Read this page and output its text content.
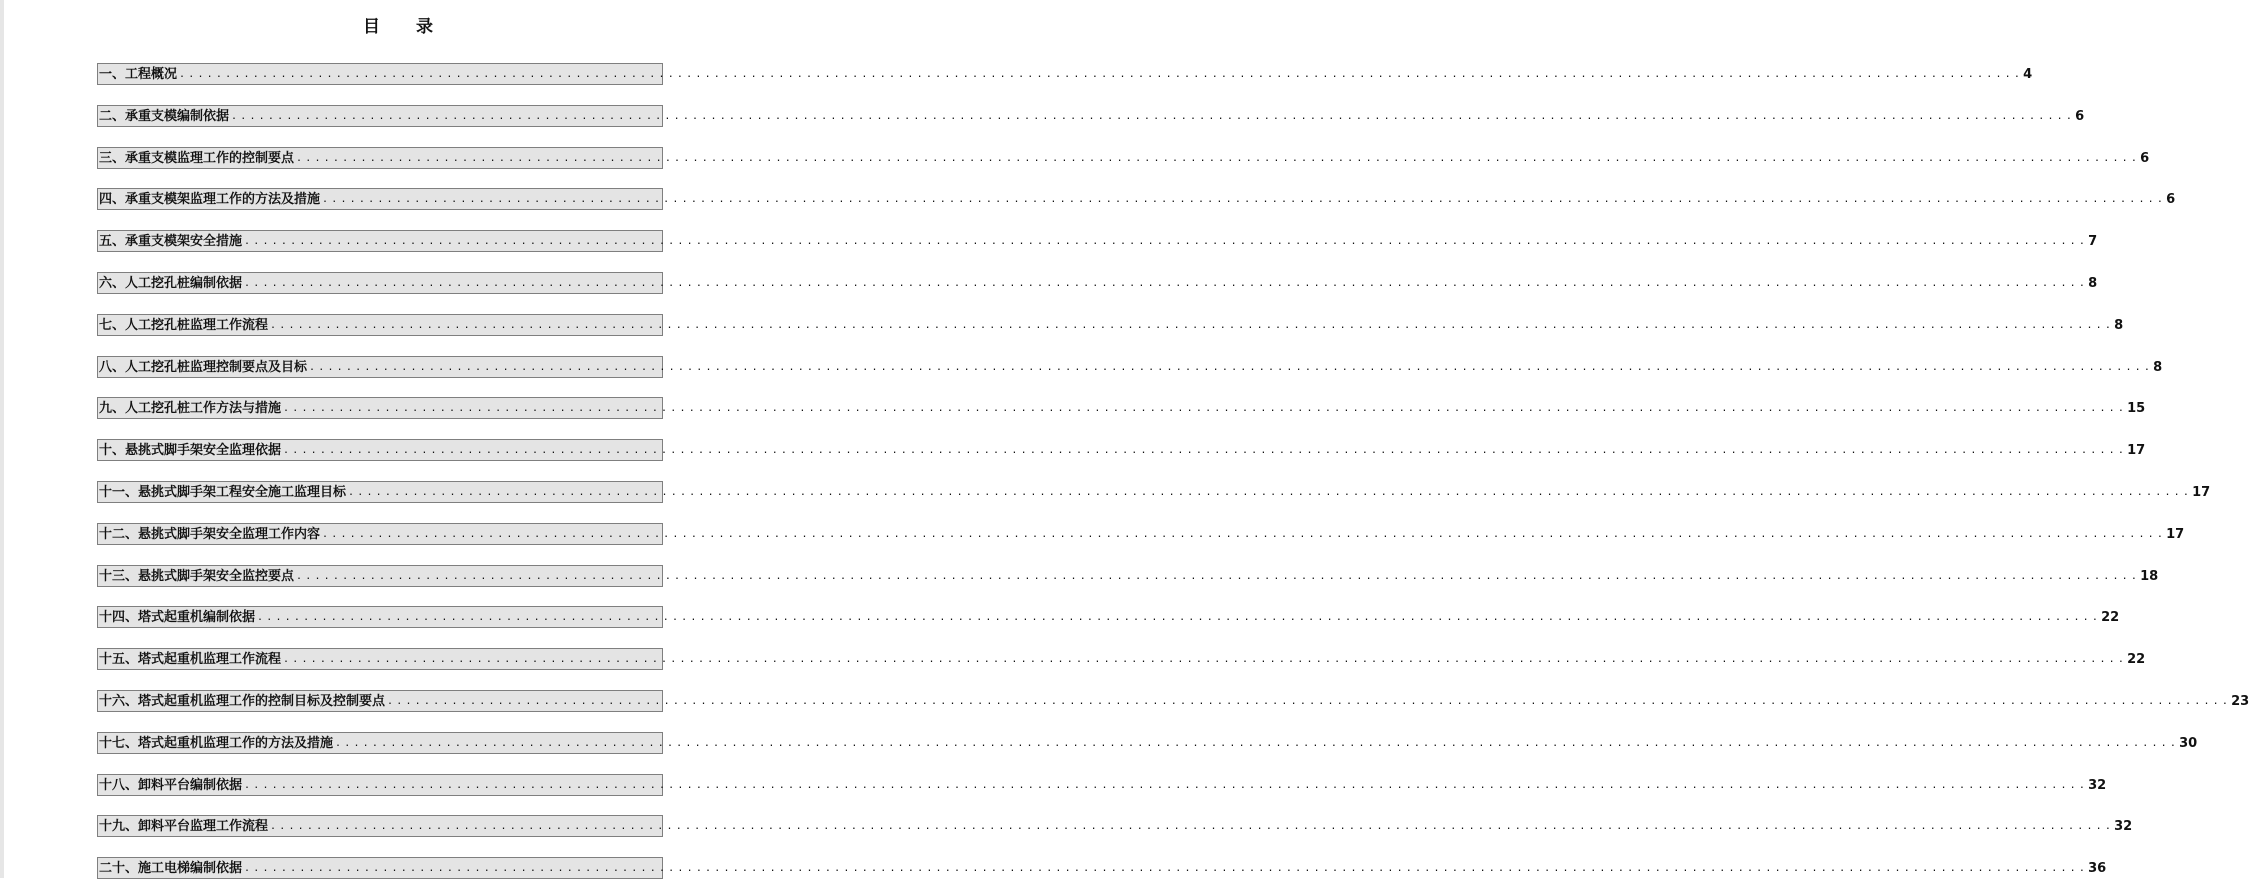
目 录
一、工程概况 ........................................................................................................................................................................................................ 4
二、承重支模编制依据 ........................................................................................................................................................................................................ 6
三、承重支模监理工作的控制要点 ........................................................................................................................................................................................................ 6
四、承重支模架监理工作的方法及措施 ........................................................................................................................................................................................................ 6
五、承重支模架安全措施 ........................................................................................................................................................................................................ 7
六、人工挖孔桩编制依据 ........................................................................................................................................................................................................ 8
七、人工挖孔桩监理工作流程 ........................................................................................................................................................................................................ 8
八、人工挖孔桩监理控制要点及目标 ........................................................................................................................................................................................................ 8
九、人工挖孔桩工作方法与措施 ........................................................................................................................................................................................................ 15
十、悬挑式脚手架安全监理依据 ........................................................................................................................................................................................................ 17
十一、悬挑式脚手架工程安全施工监理目标 ........................................................................................................................................................................................................ 17
十二、悬挑式脚手架安全监理工作内容 ........................................................................................................................................................................................................ 17
十三、悬挑式脚手架安全监控要点 ........................................................................................................................................................................................................ 18
十四、塔式起重机编制依据 ........................................................................................................................................................................................................ 22
十五、塔式起重机监理工作流程 ........................................................................................................................................................................................................ 22
十六、塔式起重机监理工作的控制目标及控制要点 ........................................................................................................................................................................................................ 23
十七、塔式起重机监理工作的方法及措施 ........................................................................................................................................................................................................ 30
十八、卸料平台编制依据 ........................................................................................................................................................................................................ 32
十九、卸料平台监理工作流程 ........................................................................................................................................................................................................ 32
二十、施工电梯编制依据 ........................................................................................................................................................................................................ 36
